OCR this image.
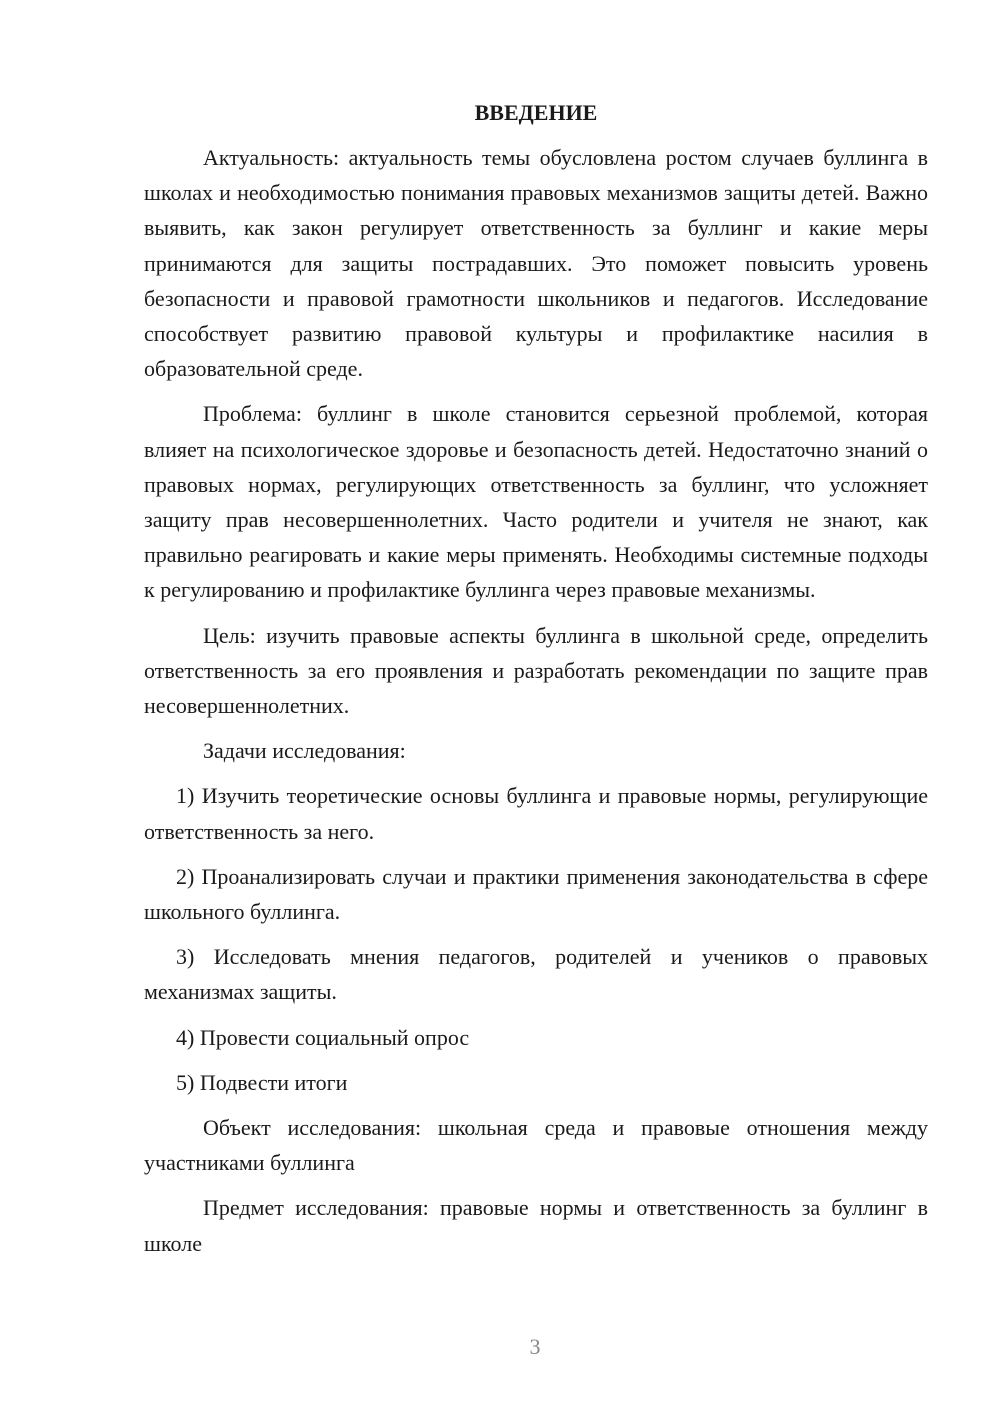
ВВЕДЕНИЕ

Актуальность: актуальность темы обусловлена ростом случаев буллинга в школах и необходимостью понимания правовых механизмов защиты детей. Важно выявить, как закон регулирует ответственность за буллинг и какие меры принимаются для защиты пострадавших. Это поможет повысить уровень безопасности и правовой грамотности школьников и педагогов. Исследование способствует развитию правовой культуры и профилактике насилия в образовательной среде.

Проблема: буллинг в школе становится серьезной проблемой, которая влияет на психологическое здоровье и безопасность детей. Недостаточно знаний о правовых нормах, регулирующих ответственность за буллинг, что усложняет защиту прав несовершеннолетних. Часто родители и учителя не знают, как правильно реагировать и какие меры применять. Необходимы системные подходы к регулированию и профилактике буллинга через правовые механизмы.

Цель: изучить правовые аспекты буллинга в школьной среде, определить ответственность за его проявления и разработать рекомендации по защите прав несовершеннолетних.

Задачи исследования:

1) Изучить теоретические основы буллинга и правовые нормы, регулирующие ответственность за него.

2) Проанализировать случаи и практики применения законодательства в сфере школьного буллинга.

3) Исследовать мнения педагогов, родителей и учеников о правовых механизмах защиты.

4) Провести социальный опрос

5) Подвести итоги

Объект исследования: школьная среда и правовые отношения между участниками буллинга

Предмет исследования: правовые нормы и ответственность за буллинг в школе

3
